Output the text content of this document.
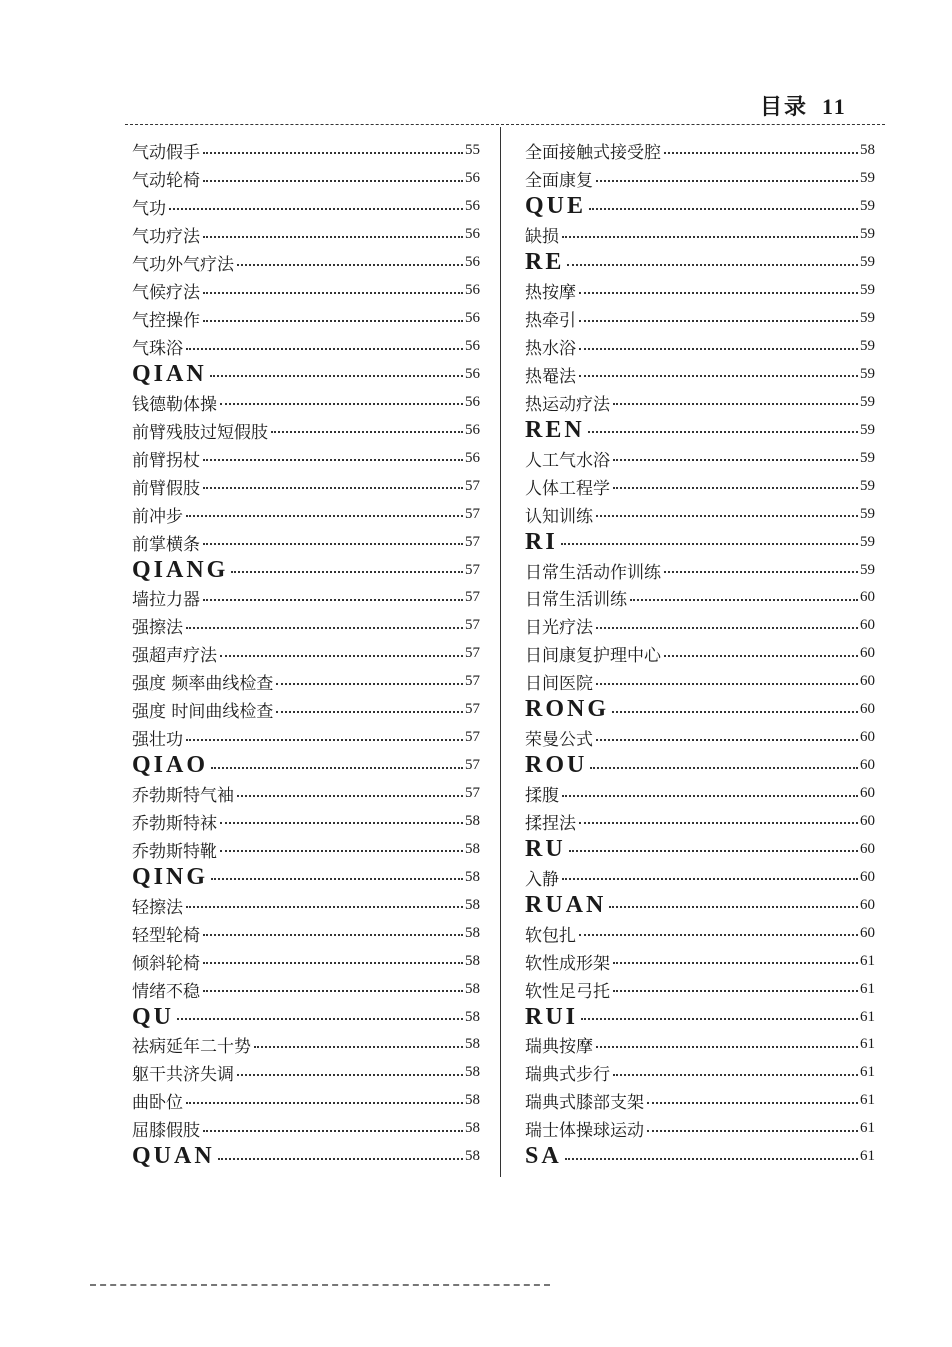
目录 11
气动假手	55
气动轮椅	56
气功	56
气功疗法	56
气功外气疗法	56
气候疗法	56
气控操作	56
气珠浴	56
QIAN	56
钱德勒体操	56
前臂残肢过短假肢	56
前臂拐杖	56
前臂假肢	57
前冲步	57
前掌横条	57
QIANG	57
墙拉力器	57
强擦法	57
强超声疗法	57
强度 频率曲线检查	57
强度 时间曲线检查	57
强壮功	57
QIAO	57
乔勃斯特气袖	57
乔勃斯特袜	58
乔勃斯特靴	58
QING	58
轻擦法	58
轻型轮椅	58
倾斜轮椅	58
情绪不稳	58
QU	58
祛病延年二十势	58
躯干共济失调	58
曲卧位	58
屈膝假肢	58
QUAN	58
全面接触式接受腔	58
全面康复	59
QUE	59
缺损	59
RE	59
热按摩	59
热牵引	59
热水浴	59
热罨法	59
热运动疗法	59
REN	59
人工气水浴	59
人体工程学	59
认知训练	59
RI	59
日常生活动作训练	59
日常生活训练	60
日光疗法	60
日间康复护理中心	60
日间医院	60
RONG	60
荣曼公式	60
ROU	60
揉腹	60
揉捏法	60
RU	60
入静	60
RUAN	60
软包扎	60
软性成形架	61
软性足弓托	61
RUI	61
瑞典按摩	61
瑞典式步行	61
瑞典式膝部支架	61
瑞士体操球运动	61
SA	61
